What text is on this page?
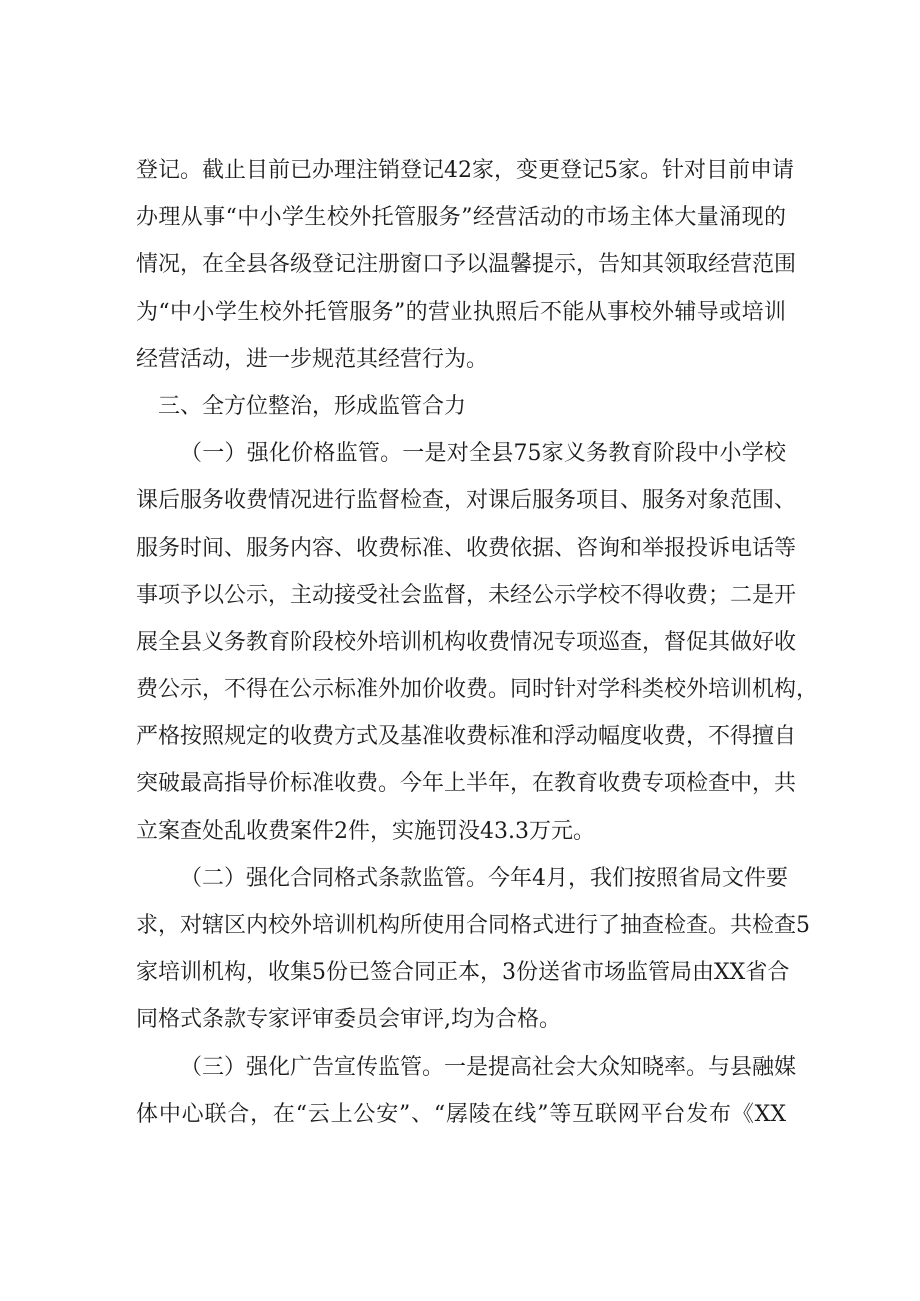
登记。截止目前已办理注销登记42家，变更登记5家。针对目前申请
办理从事“中小学生校外托管服务”经营活动的市场主体大量涌现的
情况，在全县各级登记注册窗口予以温馨提示，告知其领取经营范围
为“中小学生校外托管服务”的营业执照后不能从事校外辅导或培训
经营活动，进一步规范其经营行为。
三、全方位整治，形成监管合力
（一）强化价格监管。一是对全县75家义务教育阶段中小学校
课后服务收费情况进行监督检查，对课后服务项目、服务对象范围、
服务时间、服务内容、收费标准、收费依据、咨询和举报投诉电话等
事项予以公示，主动接受社会监督，未经公示学校不得收费；二是开
展全县义务教育阶段校外培训机构收费情况专项巡查，督促其做好收
费公示，不得在公示标准外加价收费。同时针对学科类校外培训机构，
严格按照规定的收费方式及基准收费标准和浮动幅度收费，不得擅自
突破最高指导价标准收费。今年上半年，在教育收费专项检查中，共
立案查处乱收费案件2件，实施罚没43.3万元。
（二）强化合同格式条款监管。今年4月，我们按照省局文件要
求，对辖区内校外培训机构所使用合同格式进行了抽查检查。共检查5
家培训机构，收集5份已签合同正本，3份送省市场监管局由XX省合
同格式条款专家评审委员会审评,均为合格。
（三）强化广告宣传监管。一是提高社会大众知晓率。与县融媒
体中心联合，在“云上公安”、“孱陵在线”等互联网平台发布《XX
